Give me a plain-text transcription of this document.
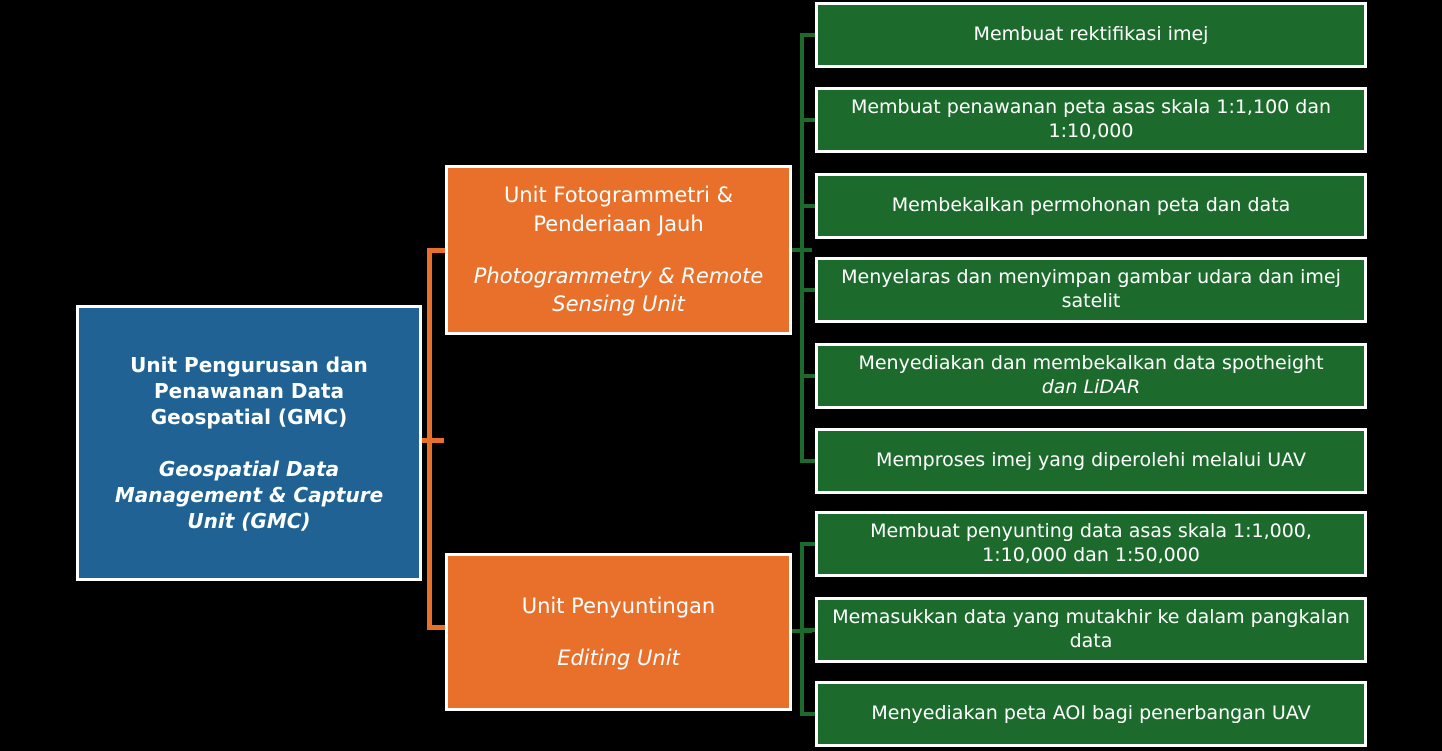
Unit Pengurusan dan Penawanan Data Geospatial (GMC)
Geospatial Data Management & Capture Unit (GMC)
Unit Fotogrammetri & Penderiaan Jauh
Photogrammetry & Remote Sensing Unit
Unit Penyuntingan
Editing Unit
Membuat rektifikasi imej
Membuat penawanan peta asas skala 1:1,100 dan 1:10,000
Membekalkan permohonan peta dan data
Menyelaras dan menyimpan gambar udara dan imej satelit
Menyediakan dan membekalkan data spotheight
dan LiDAR
Memproses imej yang diperolehi melalui UAV
Membuat penyunting data asas skala 1:1,000, 1:10,000 dan 1:50,000
Memasukkan data yang mutakhir ke dalam pangkalan data
Menyediakan peta AOI bagi penerbangan UAV
